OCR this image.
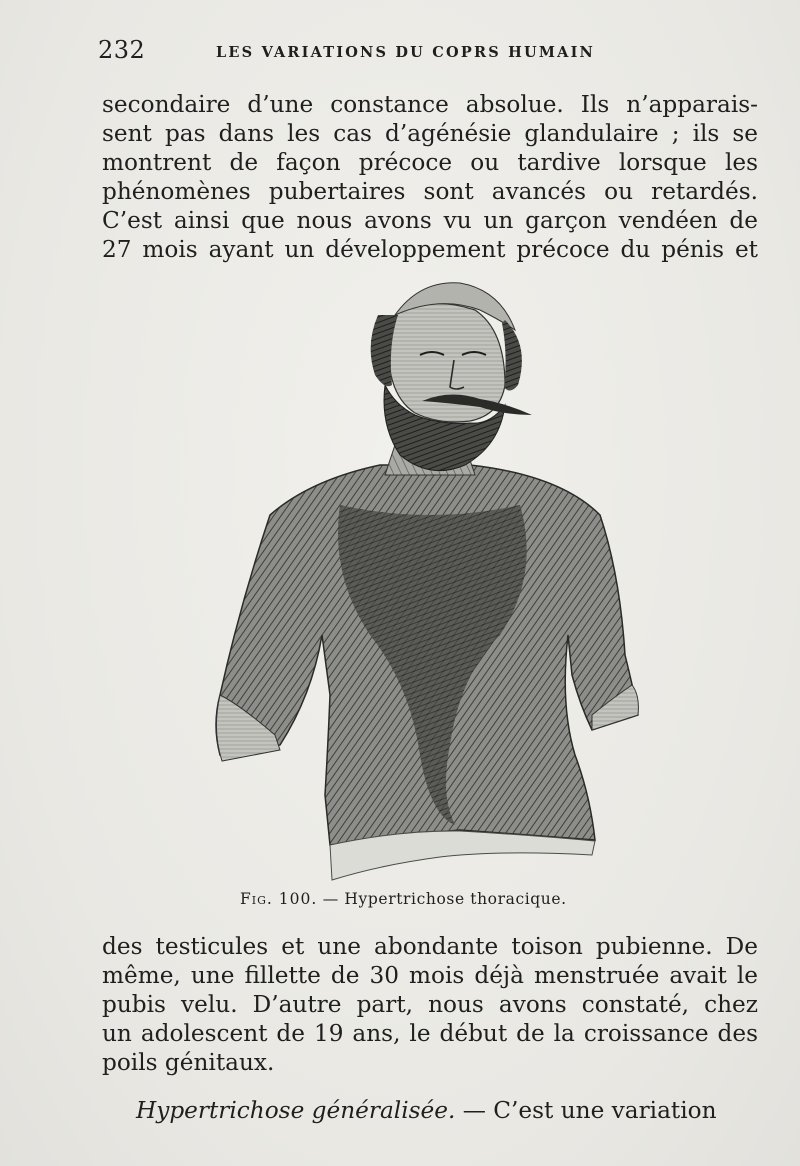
232	LES VARIATIONS DU COPRS HUMAIN

secondaire d’une constance absolue. Ils n’apparais-
sent pas dans les cas d’agénésie glandulaire ; ils se
montrent de façon précoce ou tardive lorsque les
phénomènes pubertaires sont avancés ou retardés.
C’est ainsi que nous avons vu un garçon vendéen de
27 mois ayant un développement précoce du pénis et

Fig. 100. — Hypertrichose thoracique.

des testicules et une abondante toison pubienne. De
même, une fillette de 30 mois déjà menstruée avait le
pubis velu. D’autre part, nous avons constaté, chez
un adolescent de 19 ans, le début de la croissance des
poils génitaux.

Hypertrichose généralisée. — C’est une variation
